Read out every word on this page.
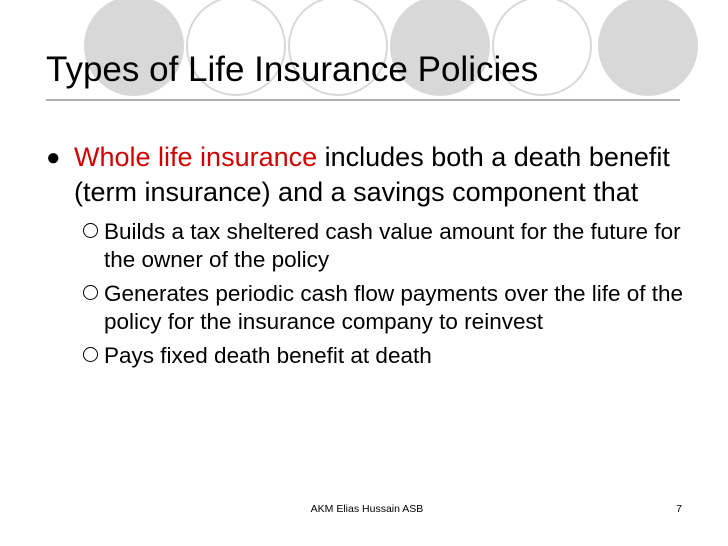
Types of Life Insurance Policies
● Whole life insurance includes both a death benefit (term insurance) and a savings component that
Builds a tax sheltered cash value amount for the future for the owner of the policy
Generates periodic cash flow payments over the life of the policy for the insurance company to reinvest
Pays fixed death benefit at death
AKM Elias Hussain ASB	7
